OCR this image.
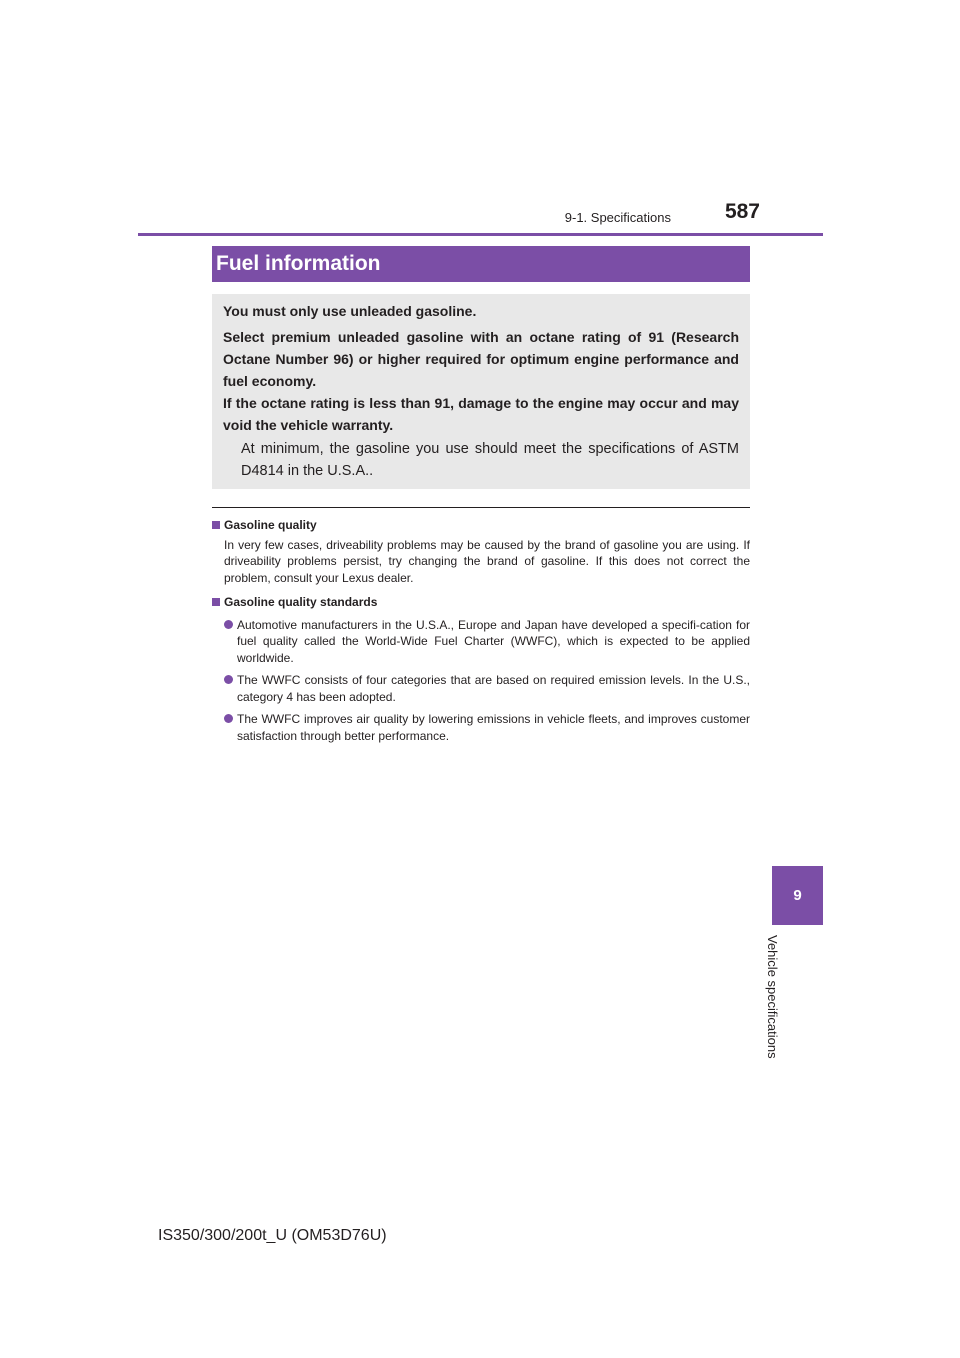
9-1. Specifications	587
Fuel information

You must only use unleaded gasoline.

Select premium unleaded gasoline with an octane rating of 91 (Research Octane Number 96) or higher required for optimum engine performance and fuel economy.

If the octane rating is less than 91, damage to the engine may occur and may void the vehicle warranty.

At minimum, the gasoline you use should meet the specifications of ASTM D4814 in the U.S.A..

Gasoline quality

In very few cases, driveability problems may be caused by the brand of gasoline you are using. If driveability problems persist, try changing the brand of gasoline. If this does not correct the problem, consult your Lexus dealer.

Gasoline quality standards
Automotive manufacturers in the U.S.A., Europe and Japan have developed a specifi-cation for fuel quality called the World-Wide Fuel Charter (WWFC), which is expected to be applied worldwide.
The WWFC consists of four categories that are based on required emission levels. In the U.S., category 4 has been adopted.
The WWFC improves air quality by lowering emissions in vehicle fleets, and improves customer satisfaction through better performance.
9
Vehicle specifications
IS350/300/200t_U (OM53D76U)
